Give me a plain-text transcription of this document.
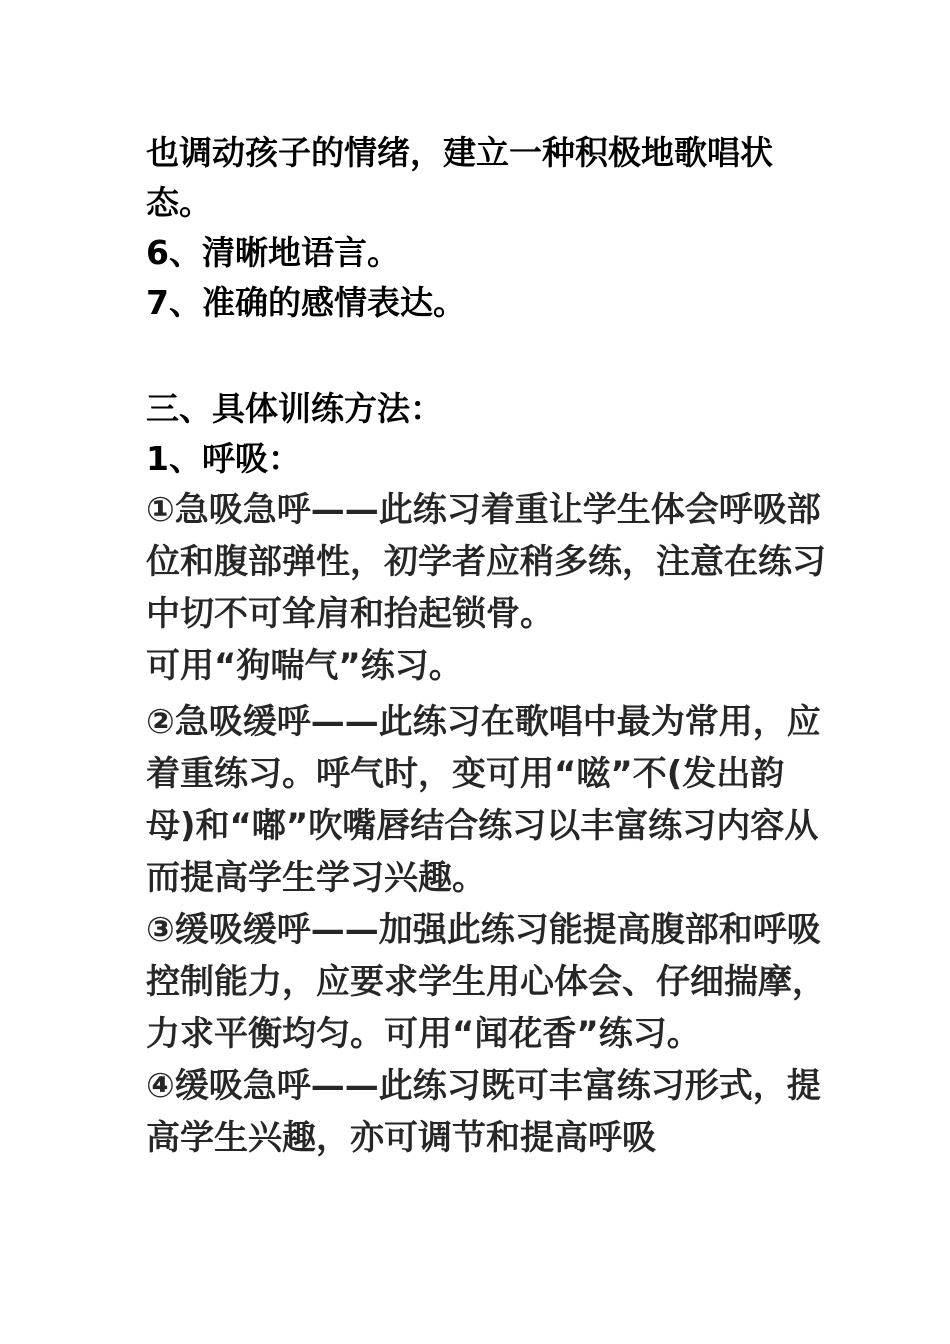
也调动孩子的情绪，建立一种积极地歌唱状态。

6、清晰地语言。

7、准确的感情表达。

三、具体训练方法：

1、呼吸：

①急吸急呼——此练习着重让学生体会呼吸部位和腹部弹性，初学者应稍多练，注意在练习中切不可耸肩和抬起锁骨。

可用“狗喘气”练习。

②急吸缓呼——此练习在歌唱中最为常用，应着重练习。呼气时，变可用“嗞”不(发出韵母)和“嘟”吹嘴唇结合练习以丰富练习内容从而提高学生学习兴趣。

③缓吸缓呼——加强此练习能提高腹部和呼吸控制能力，应要求学生用心体会、仔细揣摩，力求平衡均匀。可用“闻花香”练习。

④缓吸急呼——此练习既可丰富练习形式，提高学生兴趣，亦可调节和提高呼吸
